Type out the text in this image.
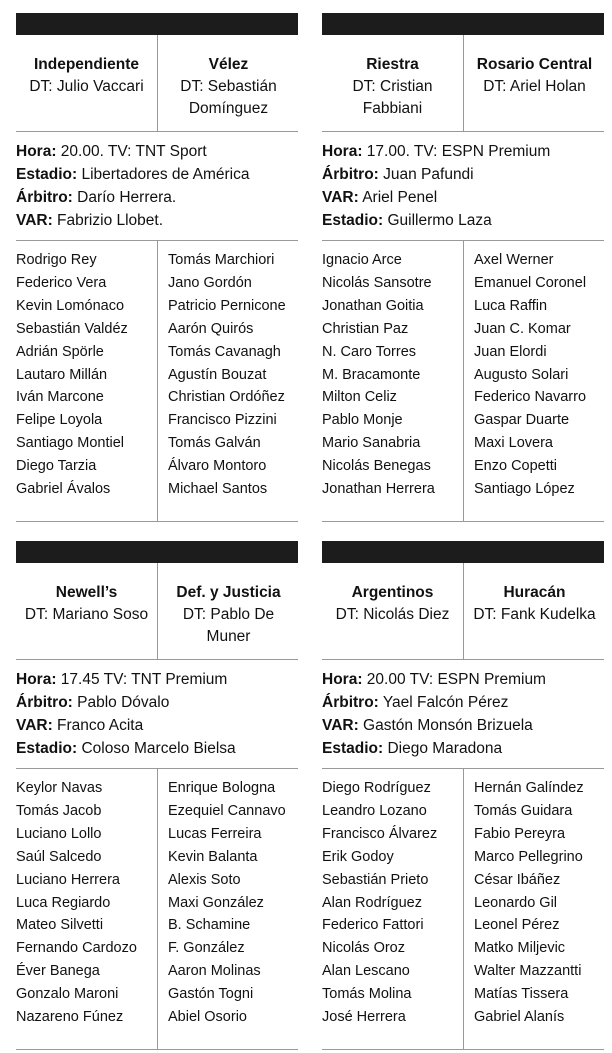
Independiente
DT: Julio Vaccari
Vélez
DT: Sebastián Domínguez
Hora: 20.00. TV: TNT Sport
Estadio: Libertadores de América
Árbitro: Darío Herrera.
VAR: Fabrizio Llobet.
Rodrigo Rey
Federico Vera
Kevin Lomónaco
Sebastián Valdéz
Adrián Spörle
Lautaro Millán
Iván Marcone
Felipe Loyola
Santiago Montiel
Diego Tarzia
Gabriel Ávalos
Tomás Marchiori
Jano Gordón
Patricio Pernicone
Aarón Quirós
Tomás Cavanagh
Agustín Bouzat
Christian Ordóñez
Francisco Pizzini
Tomás Galván
Álvaro Montoro
Michael Santos
Riestra
DT: Cristian Fabbiani
Rosario Central
DT: Ariel Holan
Hora: 17.00. TV: ESPN Premium
Árbitro: Juan Pafundi
VAR: Ariel Penel
Estadio: Guillermo Laza
Ignacio Arce
Nicolás Sansotre
Jonathan Goitia
Christian Paz
N. Caro Torres
M. Bracamonte
Milton Celiz
Pablo Monje
Mario Sanabria
Nicolás Benegas
Jonathan Herrera
Axel Werner
Emanuel Coronel
Luca Raffin
Juan C. Komar
Juan Elordi
Augusto Solari
Federico Navarro
Gaspar Duarte
Maxi Lovera
Enzo Copetti
Santiago López
Newell’s
DT: Mariano Soso
Def. y Justicia
DT: Pablo De Muner
Hora: 17.45 TV: TNT Premium
Árbitro: Pablo Dóvalo
VAR: Franco Acita
Estadio: Coloso Marcelo Bielsa
Keylor Navas
Tomás Jacob
Luciano Lollo
Saúl Salcedo
Luciano Herrera
Luca Regiardo
Mateo Silvetti
Fernando Cardozo
Éver Banega
Gonzalo Maroni
Nazareno Fúnez
Enrique Bologna
Ezequiel Cannavo
Lucas Ferreira
Kevin Balanta
Alexis Soto
Maxi González
B. Schamine
F. González
Aaron Molinas
Gastón Togni
Abiel Osorio
Argentinos
DT: Nicolás Diez
Huracán
DT: Fank Kudelka
Hora: 20.00 TV: ESPN Premium
Árbitro: Yael Falcón Pérez
VAR: Gastón Monsón Brizuela
Estadio: Diego Maradona
Diego Rodríguez
Leandro Lozano
Francisco Álvarez
Erik Godoy
Sebastián Prieto
Alan Rodríguez
Federico Fattori
Nicolás Oroz
Alan Lescano
Tomás Molina
José Herrera
Hernán Galíndez
Tomás Guidara
Fabio Pereyra
Marco Pellegrino
César Ibáñez
Leonardo Gil
Leonel Pérez
Matko Miljevic
Walter Mazzantti
Matías Tissera
Gabriel Alanís
